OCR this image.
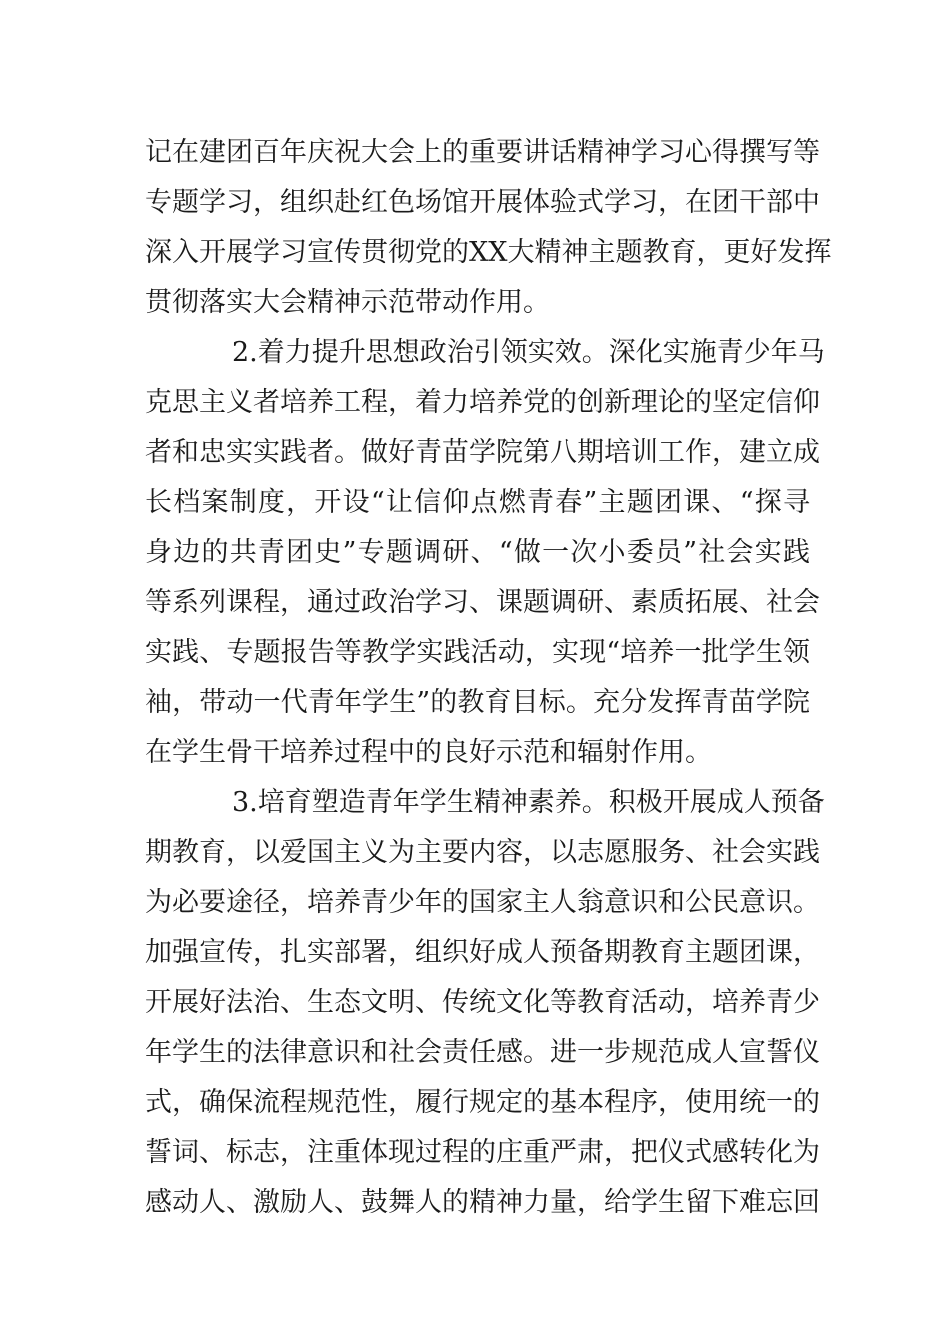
记在建团百年庆祝大会上的重要讲话精神学习心得撰写等
专题学习，组织赴红色场馆开展体验式学习，在团干部中
深入开展学习宣传贯彻党的XX大精神主题教育，更好发挥
贯彻落实大会精神示范带动作用。
2.着力提升思想政治引领实效。深化实施青少年马
克思主义者培养工程，着力培养党的创新理论的坚定信仰
者和忠实实践者。做好青苗学院第八期培训工作，建立成
长档案制度，开设“让信仰点燃青春”主题团课、“探寻
身边的共青团史”专题调研、“做一次小委员”社会实践
等系列课程，通过政治学习、课题调研、素质拓展、社会
实践、专题报告等教学实践活动，实现“培养一批学生领
袖，带动一代青年学生”的教育目标。充分发挥青苗学院
在学生骨干培养过程中的良好示范和辐射作用。
3.培育塑造青年学生精神素养。积极开展成人预备
期教育，以爱国主义为主要内容，以志愿服务、社会实践
为必要途径，培养青少年的国家主人翁意识和公民意识。
加强宣传，扎实部署，组织好成人预备期教育主题团课，
开展好法治、生态文明、传统文化等教育活动，培养青少
年学生的法律意识和社会责任感。进一步规范成人宣誓仪
式，确保流程规范性，履行规定的基本程序，使用统一的
誓词、标志，注重体现过程的庄重严肃，把仪式感转化为
感动人、激励人、鼓舞人的精神力量，给学生留下难忘回
